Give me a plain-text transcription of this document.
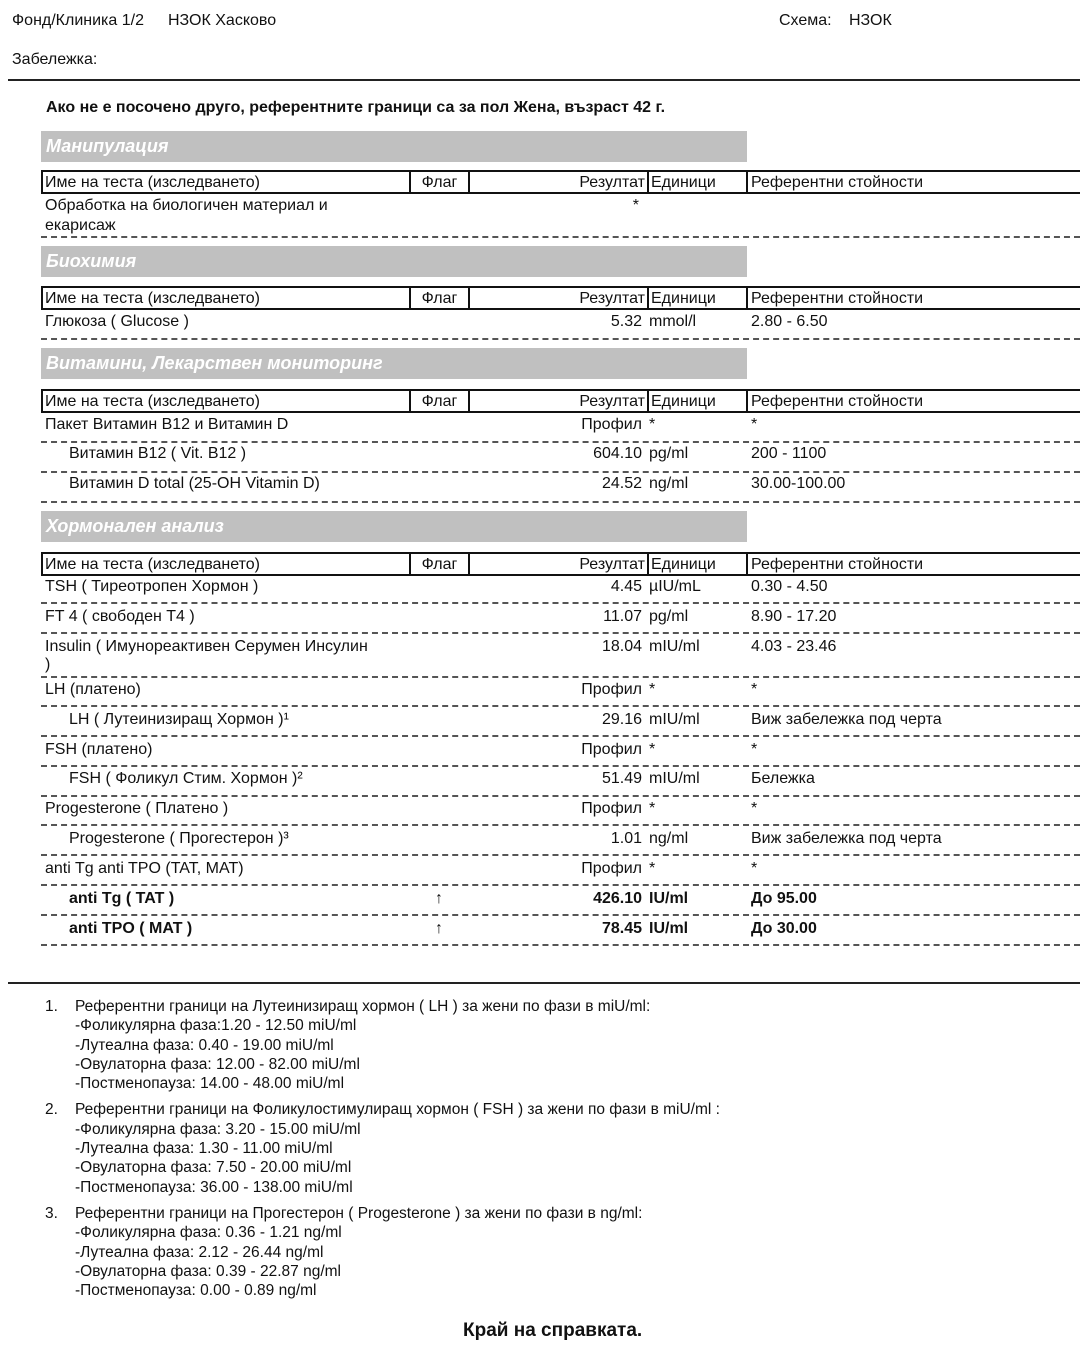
Фонд/Клиника 1/2 НЗОК Хасково	Схема: НЗОК
Забележка:
Ако не е посочено друго, референтните граници са за пол Жена, възраст 42 г.
Манипулация
Име на теста (изследването)	Флаг	Резултат Единици	Референтни стойности
Обработка на биологичен материал и
екарисаж
*
Биохимия
Име на теста (изследването)	Флаг	Резултат Единици	Референтни стойности
Глюкоза ( Glucose )	5.32 mmol/l	2.80 - 6.50
Витамини, Лекарствен мониторинг
Име на теста (изследването)	Флаг	Резултат Единици	Референтни стойности
Пакет Витамин B12 и Витамин D	Профил *	*
Витамин B12 ( Vit. B12 )	604.10 pg/ml	200 - 1100
Витамин D total (25-OH Vitamin D)	24.52 ng/ml	30.00-100.00
Хормонален анализ
Име на теста (изследването)	Флаг	Резултат Единици	Референтни стойности
TSH ( Тиреотропен Хормон )	4.45 µIU/mL	0.30 - 4.50
FT 4 ( свободен T4 )	11.07 pg/ml	8.90 - 17.20
Insulin ( Имунореактивен Серумен Инсулин
)
18.04 mIU/ml	4.03 - 23.46
LH (платено)	Профил *	*
LH ( Лутеинизиращ Хормон )¹	29.16 mIU/ml	Виж забележка под черта
FSH (платено)	Профил *	*
FSH ( Фоликул Стим. Хормон )²	51.49 mIU/ml	Бележка
Progesterone ( Платено )	Профил *	*
Progesterone ( Прогестерон )³	1.01 ng/ml	Виж забележка под черта
anti Tg anti TPO (TAT, MAT)	Профил *	*
anti Tg ( TAT )	↑	426.10 IU/ml	До 95.00
anti TPO ( MAT )	↑	78.45 IU/ml	До 30.00
1. Референтни граници на Лутеинизиращ хормон ( LH ) за жени по фази в miU/ml:
-Фоликулярна фаза:1.20 - 12.50 miU/ml
-Лутеална фаза: 0.40 - 19.00 miU/ml
-Овулаторна фаза: 12.00 - 82.00 miU/ml
-Постменопауза: 14.00 - 48.00 miU/ml
2. Референтни граници на Фоликулостимулиращ хормон ( FSH ) за жени по фази в miU/ml :
-Фоликулярна фаза: 3.20 - 15.00 miU/ml
-Лутеална фаза: 1.30 - 11.00 miU/ml
-Овулаторна фаза: 7.50 - 20.00 miU/ml
-Постменопауза: 36.00 - 138.00 miU/ml
3. Референтни граници на Прогестерон ( Progesterone ) за жени по фази в ng/ml:
-Фоликулярна фаза: 0.36 - 1.21 ng/ml
-Лутеална фаза: 2.12 - 26.44 ng/ml
-Овулаторна фаза: 0.39 - 22.87 ng/ml
-Постменопауза: 0.00 - 0.89 ng/ml
Край на справката.
